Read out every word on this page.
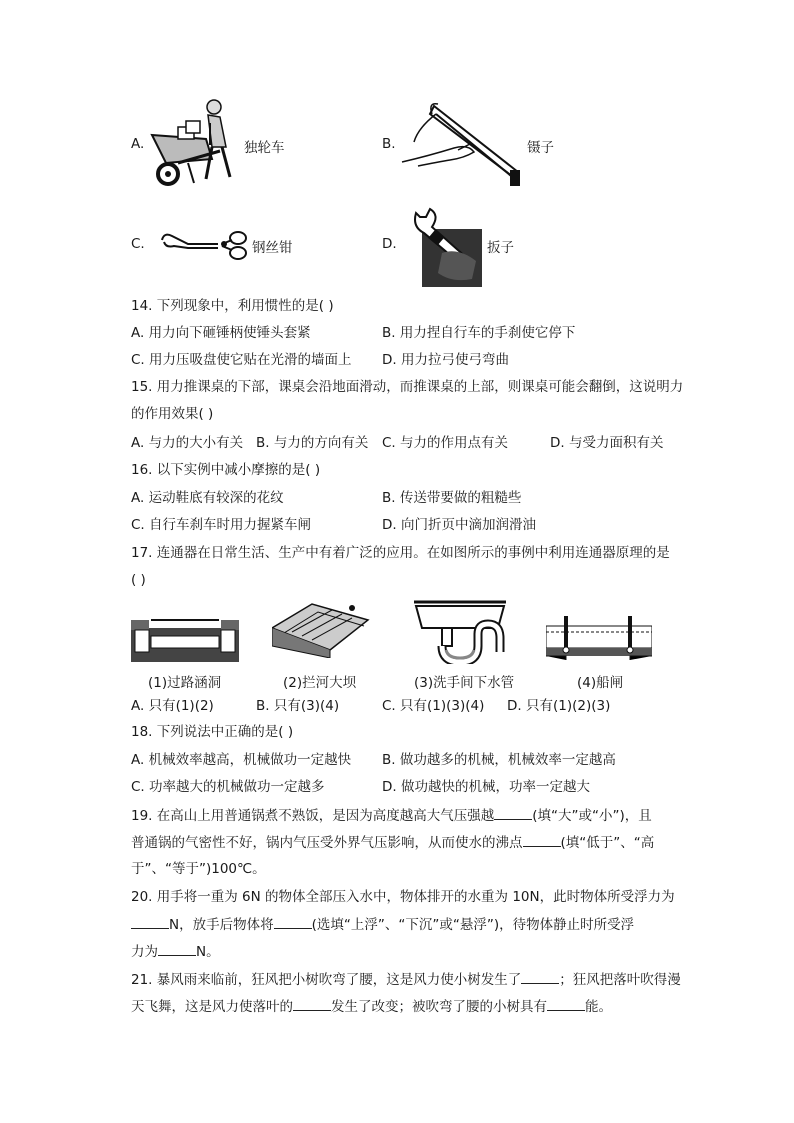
A.	独轮车	B.	镊子
C.	钢丝钳	D.	扳子
14. 下列现象中，利用惯性的是( )
A. 用力向下砸锤柄使锤头套紧	B. 用力捏自行车的手刹使它停下
C. 用力压吸盘使它贴在光滑的墙面上 D. 用力拉弓使弓弯曲
15. 用力推课桌的下部，课桌会沿地面滑动，而推课桌的上部，则课桌可能会翻倒，这说明力
的作用效果( )
A. 与力的大小有关 B. 与力的方向有关 C. 与力的作用点有关	D. 与受力面积有关
16. 以下实例中减小摩擦的是( )
A. 运动鞋底有较深的花纹	B. 传送带要做的粗糙些
C. 自行车刹车时用力握紧车闸	D. 向门折页中滴加润滑油
17. 连通器在日常生活、生产中有着广泛的应用。在如图所示的事例中利用连通器原理的是
( )
(1)过路涵洞	(2)拦河大坝	(3)洗手间下水管	(4)船闸
A. 只有(1)(2)	B. 只有(3)(4)	C. 只有(1)(3)(4) D. 只有(1)(2)(3)
18. 下列说法中正确的是( )
A. 机械效率越高，机械做功一定越快 B. 做功越多的机械，机械效率一定越高
C. 功率越大的机械做功一定越多	D. 做功越快的机械，功率一定越大
19. 在高山上用普通锅煮不熟饭，是因为高度越高大气压强越	(填“大”或“小”)，且
普通锅的气密性不好，锅内气压受外界气压影响，从而使水的沸点	(填“低于”、“高
于”、“等于”)100℃。
20. 用手将一重为 6N 的物体全部压入水中，物体排开的水重为 10N，此时物体所受浮力为
N，放手后物体将	(选填“上浮”、“下沉”或“悬浮”)，待物体静止时所受浮
力为	N。
21. 暴风雨来临前，狂风把小树吹弯了腰，这是风力使小树发生了	；狂风把落叶吹得漫
天飞舞，这是风力使落叶的	发生了改变；被吹弯了腰的小树具有	能。
